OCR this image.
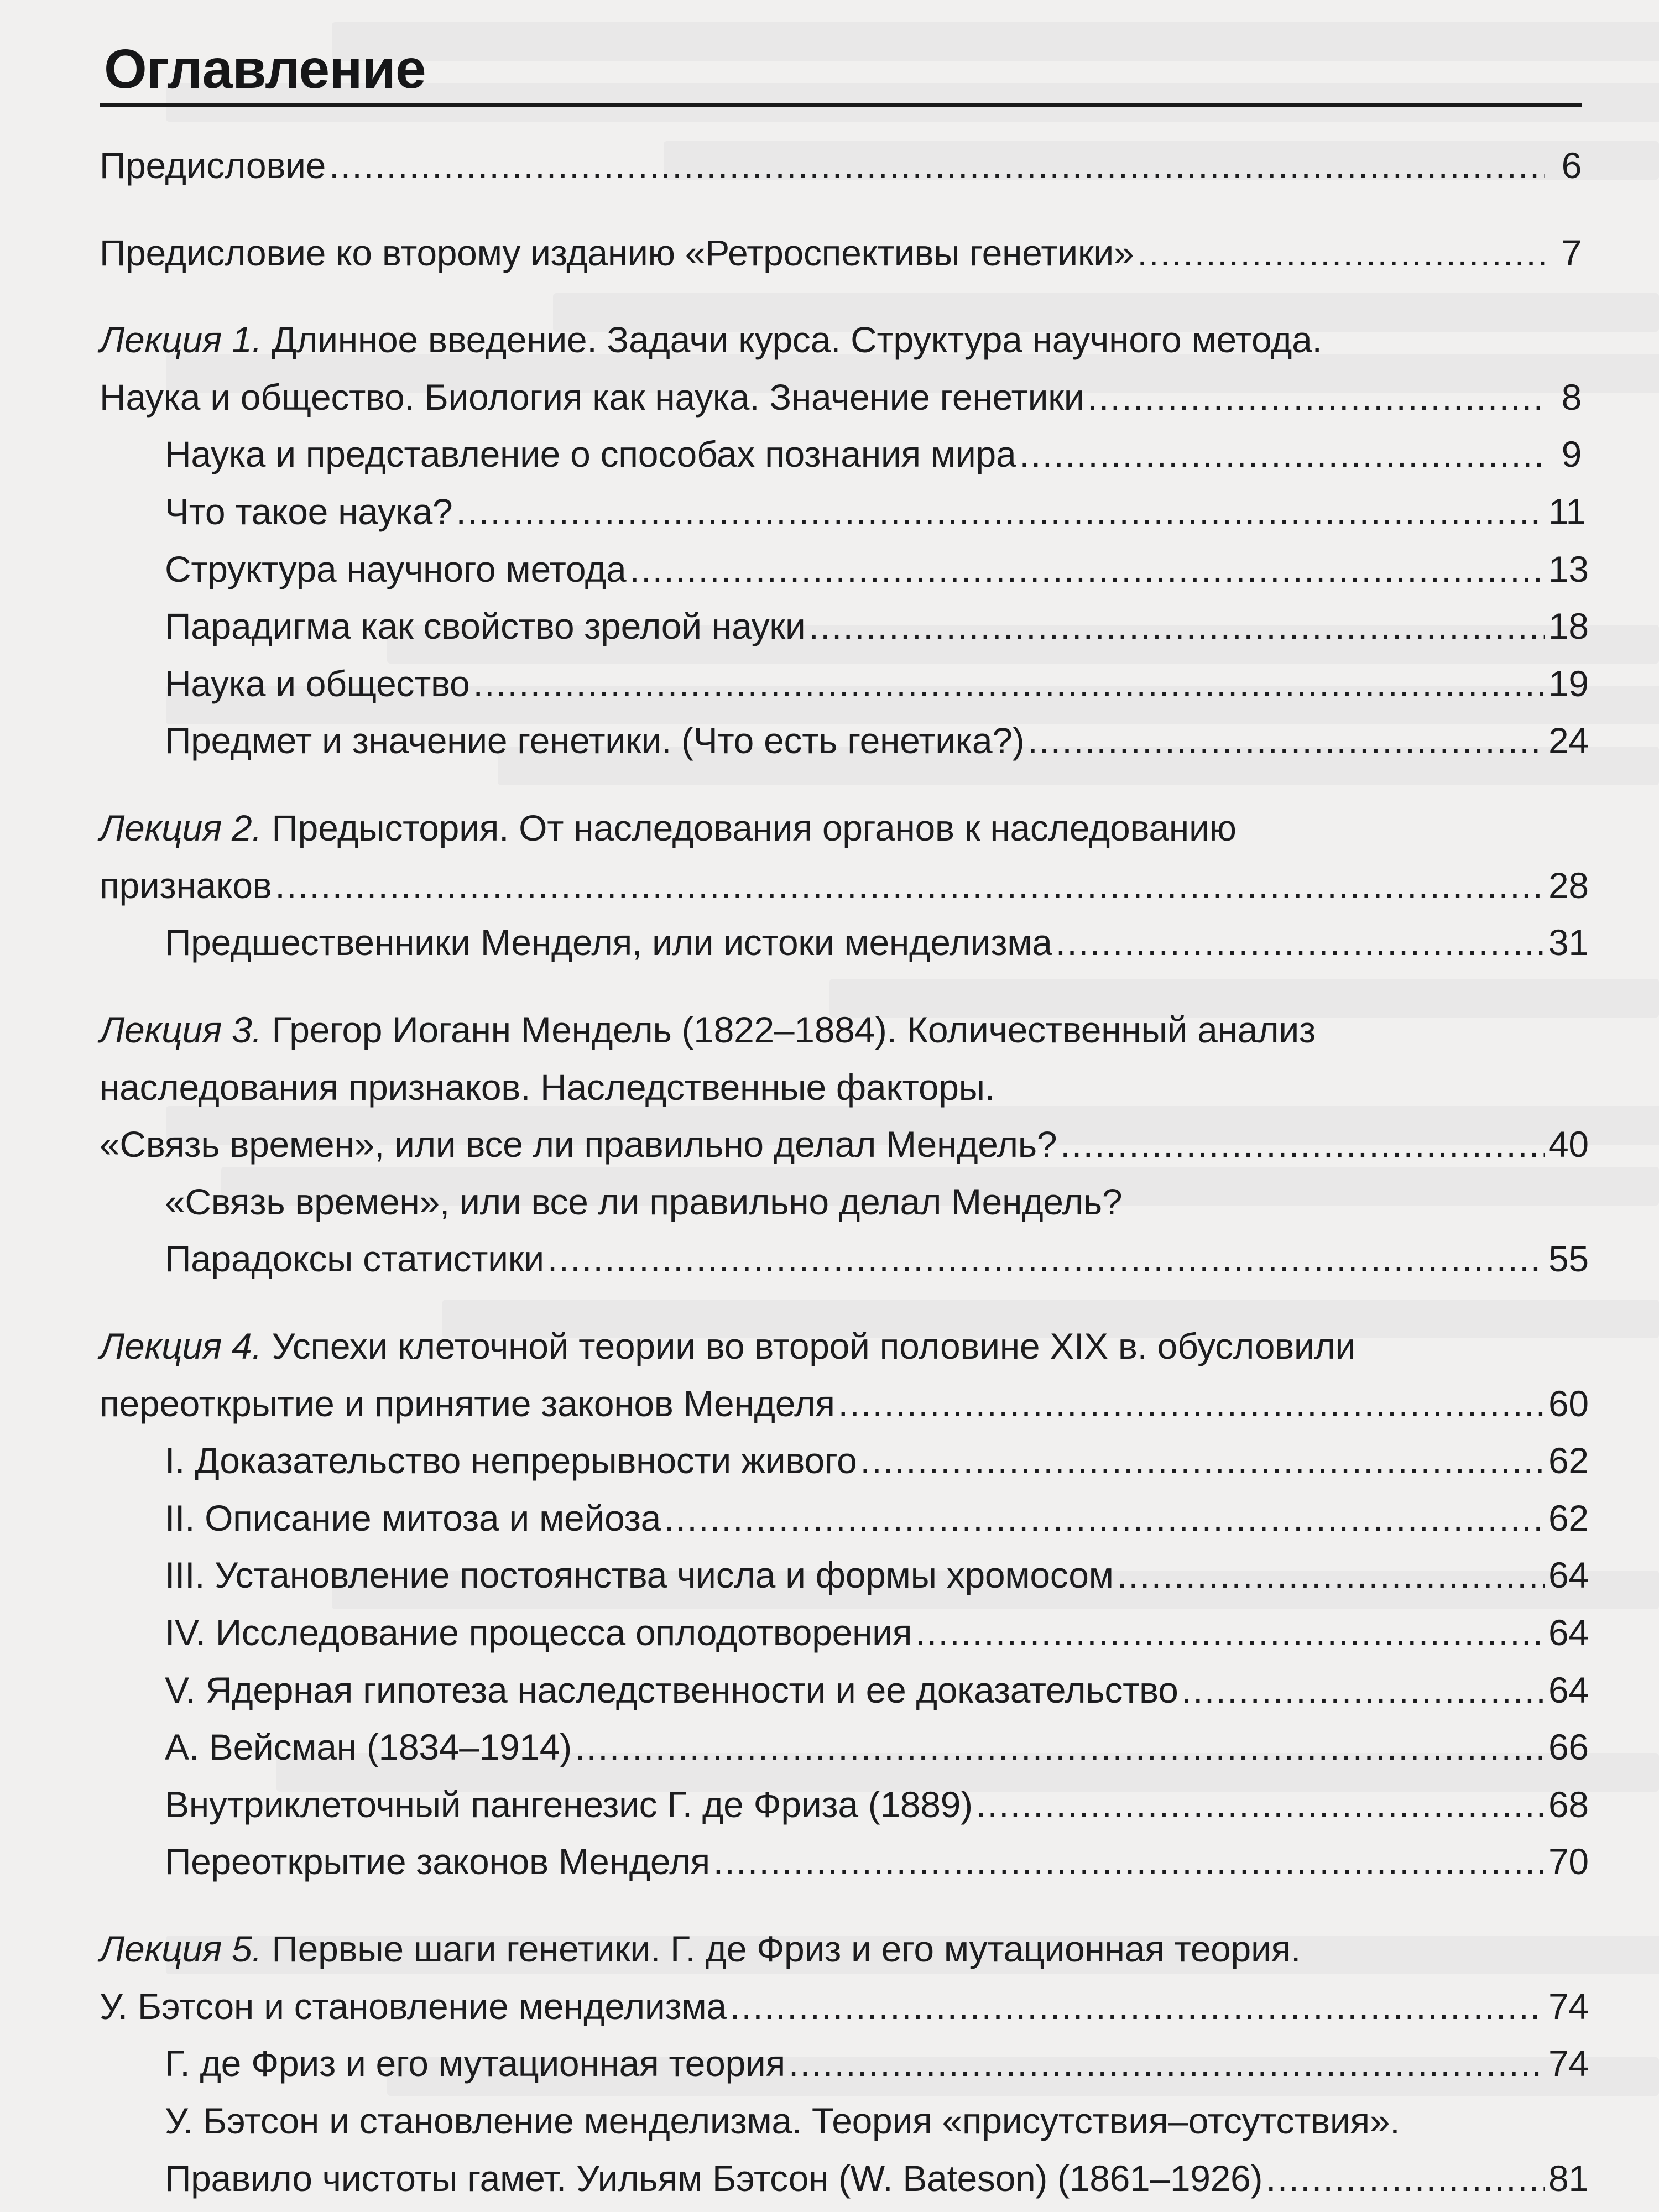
Оглавление
Предисловие . . .	6
Предисловие ко второму изданию «Ретроспективы генетики» . . .	7
Лекция 1. Длинное введение. Задачи курса. Структура научного метода.
Наука и общество. Биология как наука. Значение генетики . . .	8
Наука и представление о способах познания мира . . .	9
Что такое наука? . . .	11
Структура научного метода . . .	13
Парадигма как свойство зрелой науки . . .	18
Наука и общество . . .	19
Предмет и значение генетики. (Что есть генетика?) . . .	24
Лекция 2. Предыстория. От наследования органов к наследованию
признаков . . .	28
Предшественники Менделя, или истоки менделизма . . .	31
Лекция 3. Грегор Иоганн Мендель (1822–1884). Количественный анализ
наследования признаков. Наследственные факторы.
«Связь времен», или все ли правильно делал Мендель? . . .	40
«Связь времен», или все ли правильно делал Мендель?
Парадоксы статистики . . .	55
Лекция 4. Успехи клеточной теории во второй половине XIX в. обусловили
переоткрытие и принятие законов Менделя . . .	60
I. Доказательство непрерывности живого . . .	62
II. Описание митоза и мейоза . . .	62
III. Установление постоянства числа и формы хромосом . . .	64
IV. Исследование процесса оплодотворения . . .	64
V. Ядерная гипотеза наследственности и ее доказательство . . .	64
А. Вейсман (1834–1914) . . .	66
Внутриклеточный пангенезис Г. де Фриза (1889) . . .	68
Переоткрытие законов Менделя . . .	70
Лекция 5. Первые шаги генетики. Г. де Фриз и его мутационная теория.
У. Бэтсон и становление менделизма . . .	74
Г. де Фриз и его мутационная теория . . .	74
У. Бэтсон и становление менделизма. Теория «присутствия–отсутствия».
Правило чистоты гамет. Уильям Бэтсон (W. Bateson) (1861–1926) . . .	81
